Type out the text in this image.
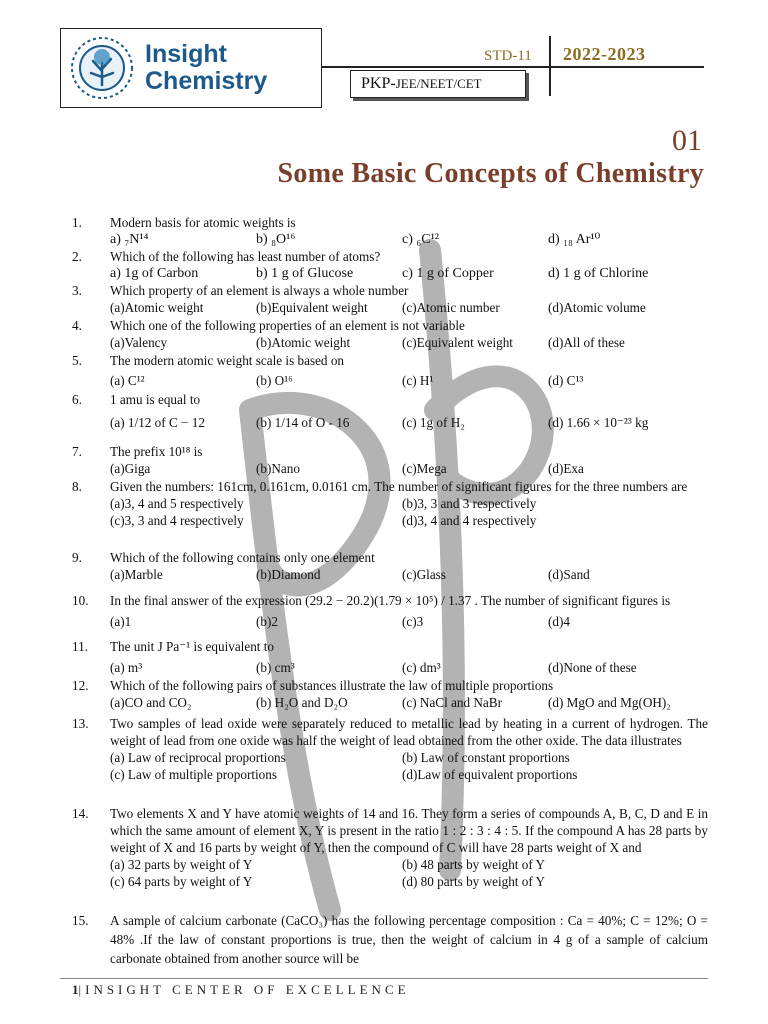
Insight
Chemistry
STD-11 2022-2023
PKP-JEE/NEET/CET
01
Some Basic Concepts of Chemistry
1.	Modern basis for atomic weights is
a) ₇N¹⁴	b) ₈O¹⁶	c) ₆C¹²	d) ₁₈ Ar¹⁰
2.	Which of the following has least number of atoms?
a) 1g of Carbon	b) 1 g of Glucose	c) 1 g of Copper	d) 1 g of Chlorine
3.	Which property of an element is always a whole number
(a)Atomic weight	(b)Equivalent weight	(c)Atomic number	(d)Atomic volume
4.	Which one of the following properties of an element is not variable
(a)Valency	(b)Atomic weight	(c)Equivalent weight	(d)All of these
5.	The modern atomic weight scale is based on
(a) C¹²	(b) O¹⁶	(c) H¹	(d) C¹³
6.	1 amu is equal to
(a) 1/12 of C − 12	(b) 1/14 of O - 16	(c) 1g of H₂	(d) 1.66 × 10⁻²³ kg
7.	The prefix 10¹⁸ is
(a)Giga	(b)Nano	(c)Mega	(d)Exa
8.	Given the numbers: 161cm, 0.161cm, 0.0161 cm. The number of significant figures for the three numbers are
(a)3, 4 and 5 respectively	(b)3, 3 and 3 respectively
(c)3, 3 and 4 respectively	(d)3, 4 and 4 respectively
9.	Which of the following contains only one element
(a)Marble	(b)Diamond	(c)Glass	(d)Sand
10.	In the final answer of the expression (29.2 − 20.2)(1.79 × 10⁵) / 1.37 . The number of significant figures is
(a)1	(b)2	(c)3	(d)4
11.	The unit J Pa⁻¹ is equivalent to
(a) m³	(b) cm³	(c) dm³	(d)None of these
12.	Which of the following pairs of substances illustrate the law of multiple proportions
(a)CO and CO₂	(b) H₂O and D₂O	(c) NaCl and NaBr	(d) MgO and Mg(OH)₂
13.	Two samples of lead oxide were separately reduced to metallic lead by heating in a current of hydrogen. The weight of lead from one oxide was half the weight of lead obtained from the other oxide. The data illustrates
(a) Law of reciprocal proportions	(b) Law of constant proportions
(c) Law of multiple proportions	(d)Law of equivalent proportions
14.	Two elements X and Y have atomic weights of 14 and 16. They form a series of compounds A, B, C, D and E in which the same amount of element X, Y is present in the ratio 1 : 2 : 3 : 4 : 5. If the compound A has 28 parts by weight of X and 16 parts by weight of Y, then the compound of C will have 28 parts weight of X and
(a) 32 parts by weight of Y	(b) 48 parts by weight of Y
(c) 64 parts by weight of Y	(d) 80 parts by weight of Y
15.	A sample of calcium carbonate (CaCO₃) has the following percentage composition : Ca = 40%; C = 12%; O = 48% .If the law of constant proportions is true, then the weight of calcium in 4 g of a sample of calcium carbonate obtained from another source will be
1|INSIGHT CENTER OF EXCELLENCE
